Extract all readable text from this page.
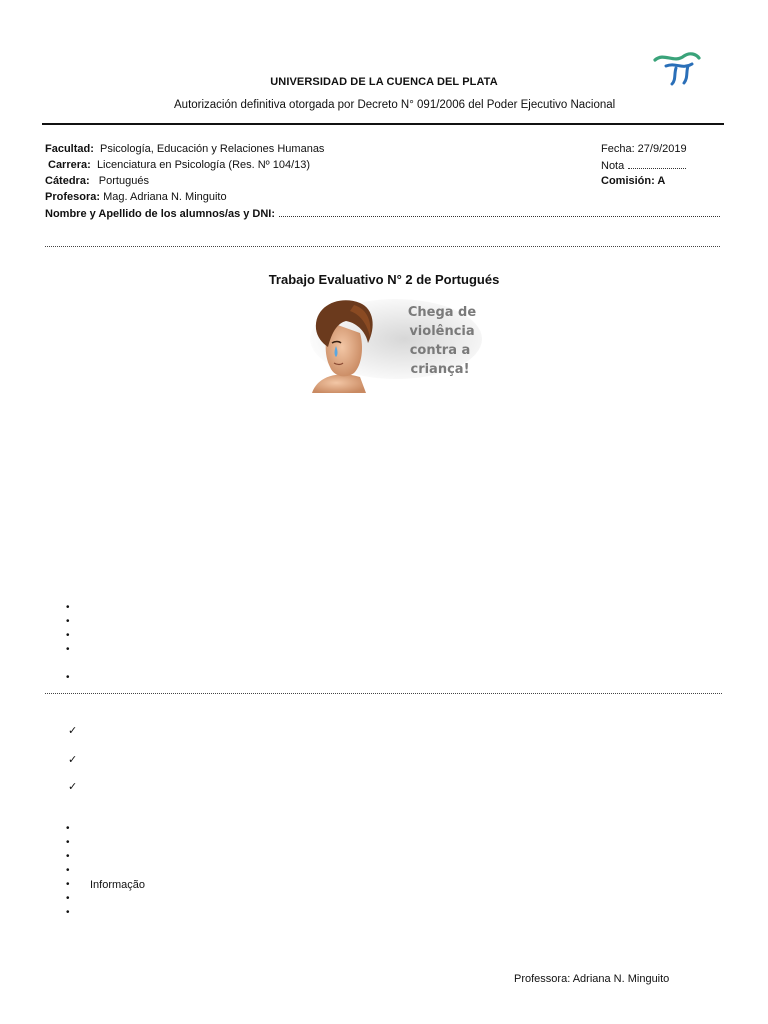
UNIVERSIDAD DE LA CUENCA DEL PLATA
Autorización definitiva otorgada por Decreto N° 091/2006 del Poder Ejecutivo Nacional
Facultad: Psicología, Educación y Relaciones Humanas
Carrera: Licenciatura en Psicología (Res. Nº 104/13)
Cátedra: Portugués
Profesora: Mag. Adriana N. Minguito
Nombre y Apellido de los alumnos/as y DNI:
Fecha: 27/9/2019
Nota
Comisión: A
Trabajo Evaluativo N° 2 de Portugués
Chega de
violência
contra a
criança!
•
•
•
•
•
✓
✓
✓
•
•
•
•
•
•
•
Informação
Professora: Adriana N. Minguito
